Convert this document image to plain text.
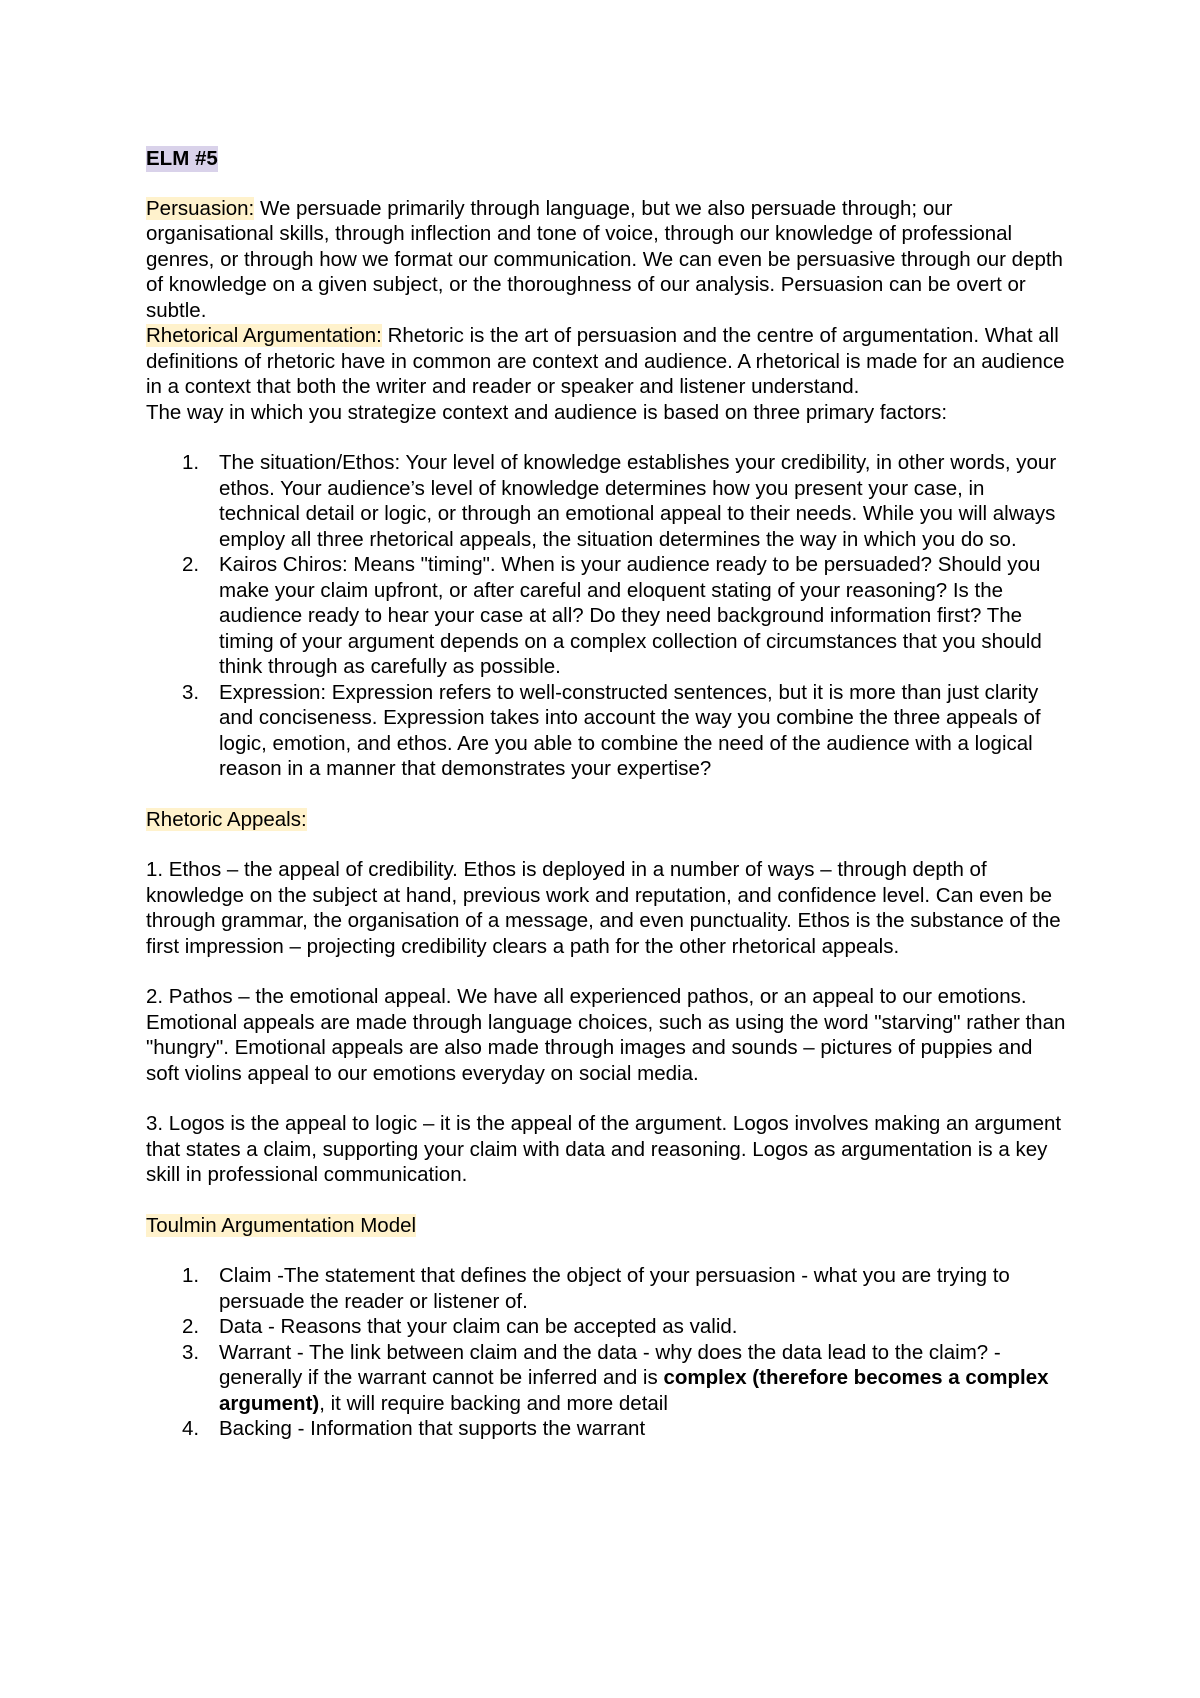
ELM #5

Persuasion: We persuade primarily through language, but we also persuade through; our organisational skills, through inflection and tone of voice, through our knowledge of professional genres, or through how we format our communication. We can even be persuasive through our depth of knowledge on a given subject, or the thoroughness of our analysis. Persuasion can be overt or subtle.

Rhetorical Argumentation: Rhetoric is the art of persuasion and the centre of argumentation. What all definitions of rhetoric have in common are context and audience. A rhetorical is made for an audience in a context that both the writer and reader or speaker and listener understand.

The way in which you strategize context and audience is based on three primary factors:

1. The situation/Ethos: Your level of knowledge establishes your credibility, in other words, your ethos. Your audience’s level of knowledge determines how you present your case, in technical detail or logic, or through an emotional appeal to their needs. While you will always employ all three rhetorical appeals, the situation determines the way in which you do so.
2. Kairos Chiros: Means "timing". When is your audience ready to be persuaded? Should you make your claim upfront, or after careful and eloquent stating of your reasoning? Is the audience ready to hear your case at all? Do they need background information first? The timing of your argument depends on a complex collection of circumstances that you should think through as carefully as possible.
3. Expression: Expression refers to well-constructed sentences, but it is more than just clarity and conciseness. Expression takes into account the way you combine the three appeals of logic, emotion, and ethos. Are you able to combine the need of the audience with a logical reason in a manner that demonstrates your expertise?
Rhetoric Appeals:

1. Ethos – the appeal of credibility. Ethos is deployed in a number of ways – through depth of knowledge on the subject at hand, previous work and reputation, and confidence level. Can even be through grammar, the organisation of a message, and even punctuality. Ethos is the substance of the first impression – projecting credibility clears a path for the other rhetorical appeals.

2. Pathos – the emotional appeal. We have all experienced pathos, or an appeal to our emotions. Emotional appeals are made through language choices, such as using the word "starving" rather than "hungry". Emotional appeals are also made through images and sounds – pictures of puppies and soft violins appeal to our emotions everyday on social media.

3. Logos is the appeal to logic – it is the appeal of the argument. Logos involves making an argument that states a claim, supporting your claim with data and reasoning. Logos as argumentation is a key skill in professional communication.

Toulmin Argumentation Model
1. Claim -The statement that defines the object of your persuasion - what you are trying to persuade the reader or listener of.
2. Data - Reasons that your claim can be accepted as valid.
3. Warrant - The link between claim and the data - why does the data lead to the claim? - generally if the warrant cannot be inferred and is complex (therefore becomes a complex argument), it will require backing and more detail
4. Backing - Information that supports the warrant
